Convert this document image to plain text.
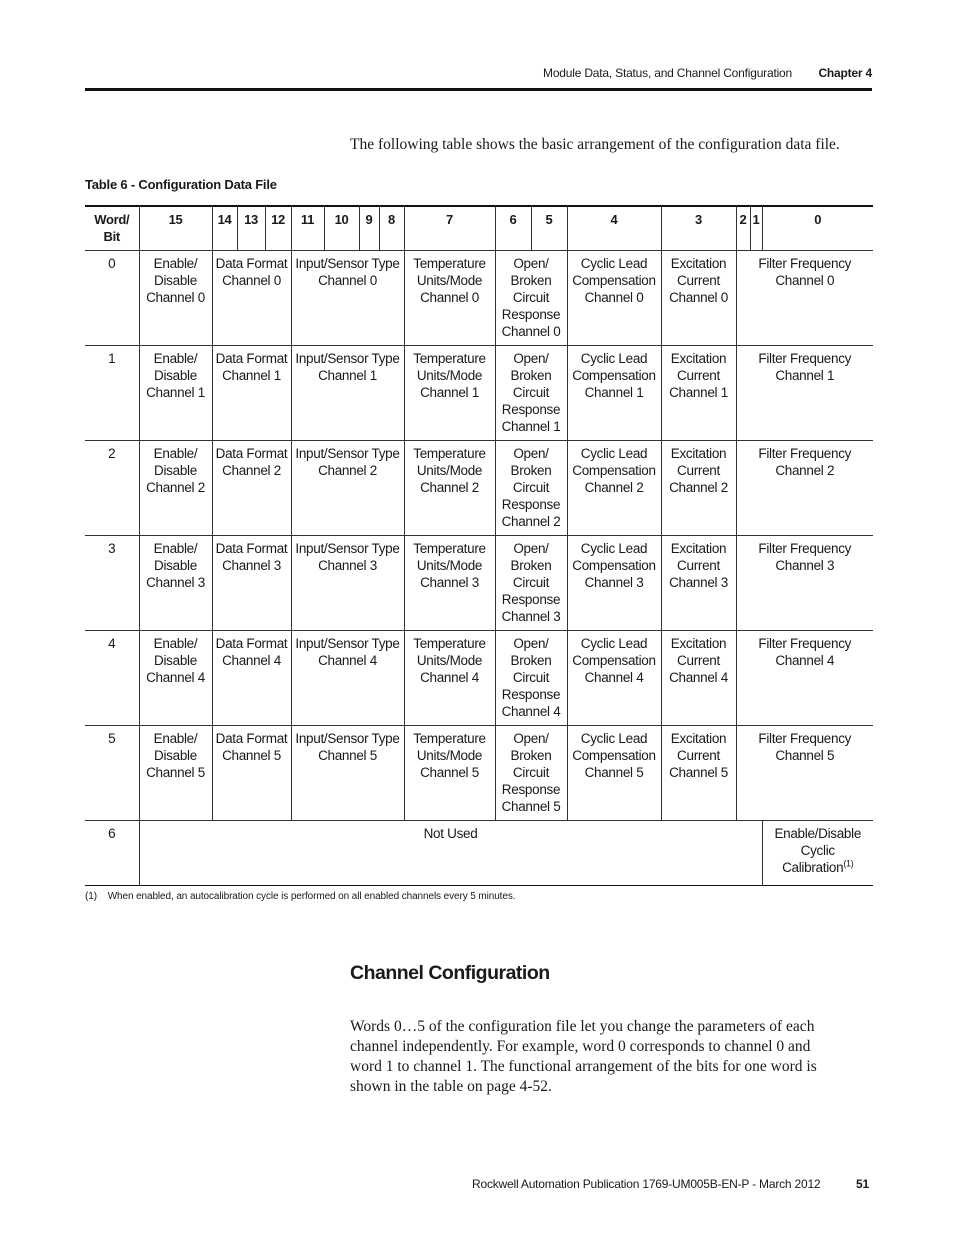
Module Data, Status, and Channel Configuration Chapter 4
The following table shows the basic arrangement of the configuration data file.
Table 6 - Configuration Data File
Word/ Bit	15	14	13	12	11	10	9	8	7	6	5	4	3	2	1	0
0	Enable/ Disable Channel 0	Data Format Channel 0			Input/Sensor Type Channel 0				Temperature Units/Mode Channel 0	Open/ Broken Circuit Response Channel 0		Cyclic Lead Compensation Channel 0	Excitation Current Channel 0	Filter Frequency Channel 0		
1	Enable/ Disable Channel 1	Data Format Channel 1			Input/Sensor Type Channel 1				Temperature Units/Mode Channel 1	Open/ Broken Circuit Response Channel 1		Cyclic Lead Compensation Channel 1	Excitation Current Channel 1	Filter Frequency Channel 1		
2	Enable/ Disable Channel 2	Data Format Channel 2			Input/Sensor Type Channel 2				Temperature Units/Mode Channel 2	Open/ Broken Circuit Response Channel 2		Cyclic Lead Compensation Channel 2	Excitation Current Channel 2	Filter Frequency Channel 2		
3	Enable/ Disable Channel 3	Data Format Channel 3			Input/Sensor Type Channel 3				Temperature Units/Mode Channel 3	Open/ Broken Circuit Response Channel 3		Cyclic Lead Compensation Channel 3	Excitation Current Channel 3	Filter Frequency Channel 3		
4	Enable/ Disable Channel 4	Data Format Channel 4			Input/Sensor Type Channel 4				Temperature Units/Mode Channel 4	Open/ Broken Circuit Response Channel 4		Cyclic Lead Compensation Channel 4	Excitation Current Channel 4	Filter Frequency Channel 4		
5	Enable/ Disable Channel 5	Data Format Channel 5			Input/Sensor Type Channel 5				Temperature Units/Mode Channel 5	Open/ Broken Circuit Response Channel 5		Cyclic Lead Compensation Channel 5	Excitation Current Channel 5	Filter Frequency Channel 5		
6	Not Used															Enable/Disable Cyclic Calibration$^{(1)}$
(1) When enabled, an autocalibration cycle is performed on all enabled channels every 5 minutes.
Channel Configuration
Words 0…5 of the configuration file let you change the parameters of each
channel independently. For example, word 0 corresponds to channel 0 and
word 1 to channel 1. The functional arrangement of the bits for one word is
shown in the table on page 4-52.
Rockwell Automation Publication 1769-UM005B-EN-P - March 2012	51
